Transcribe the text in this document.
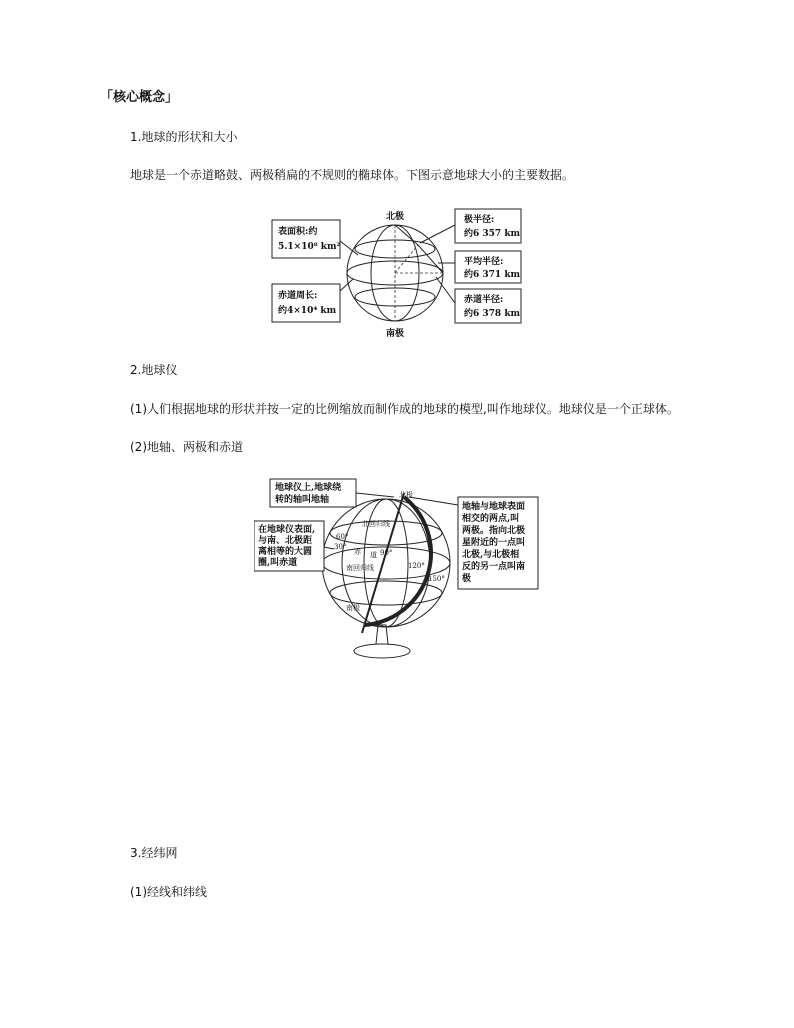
「核心概念」
1.地球的形状和大小
地球是一个赤道略鼓、两极稍扁的不规则的椭球体。下图示意地球大小的主要数据。
北极
南极
表面积:约
5.1×10⁸ km²
赤道周长:
约4×10⁴ km
极半径:
约6 357 km
平均半径:
约6 371 km
赤道半径:
约6 378 km
2.地球仪
(1)人们根据地球的形状并按一定的比例缩放而制作成的地球的模型,叫作地球仪。地球仪是一个正球体。
(2)地轴、两极和赤道
北极
南极
北回归线
南回归线
60°
赤 道 90°
120°
150°
30°
地球仪上,地球绕
转的轴叫地轴
在地球仪表面,
与南、北极距
离相等的大圆
圈,叫赤道
地轴与地球表面
相交的两点,叫
两极。指向北极
星附近的一点叫
北极,与北极相
反的另一点叫南
极
3.经纬网
(1)经线和纬线
